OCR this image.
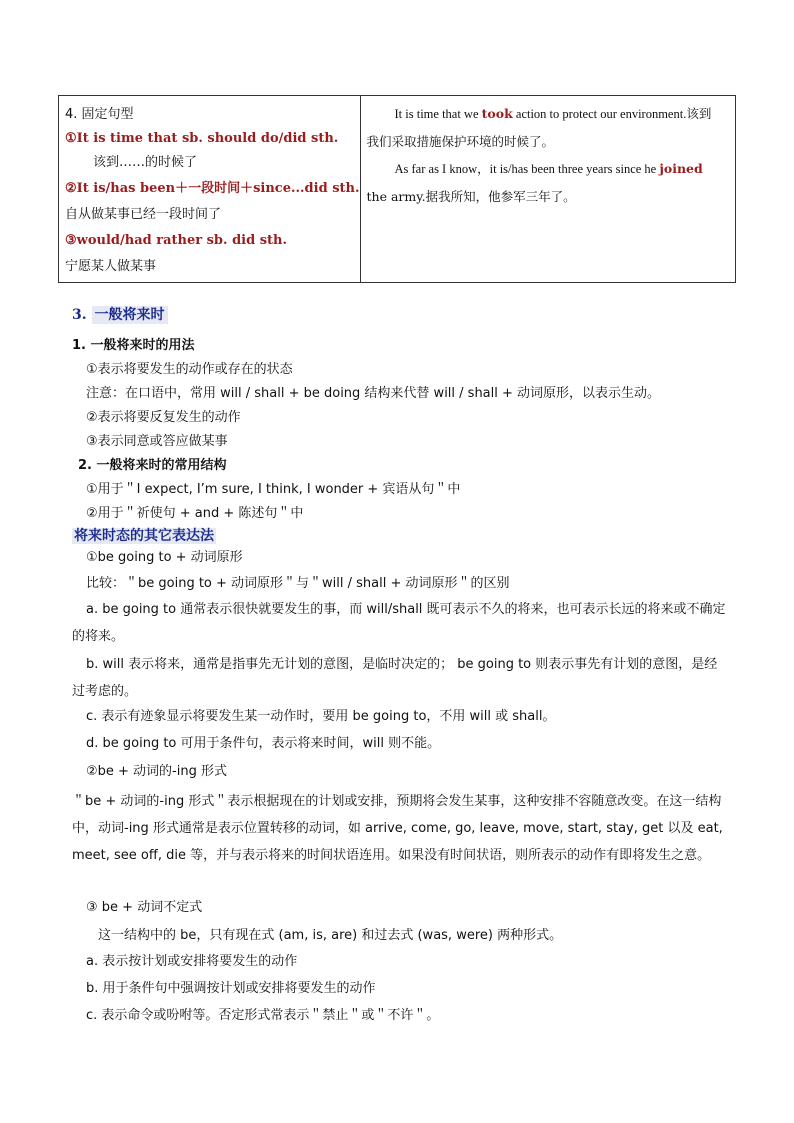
4. 固定句型
①It is time that sb. should do/did sth.
该到……的时候了
②It is/has been＋一段时间＋since...did sth.
自从做某事已经一段时间了
③would/had rather sb. did sth.
宁愿某人做某事

It is time that we took action to protect our environment.该到
我们采取措施保护环境的时候了。
As far as I know，it is/has been three years since he joined
the army.据我所知，他参军三年了。
3. 一般将来时
1. 一般将来时的用法
①表示将要发生的动作或存在的状态
注意：在口语中，常用 will / shall + be doing 结构来代替 will / shall + 动词原形，以表示生动。
②表示将要反复发生的动作
③表示同意或答应做某事
2. 一般将来时的常用结构
①用于＂I expect, I’m sure, I think, I wonder + 宾语从句＂中
②用于＂祈使句 + and + 陈述句＂中
将来时态的其它表达法
①be going to + 动词原形
比较：＂be going to + 动词原形＂与＂will / shall + 动词原形＂的区别
a. be going to 通常表示很快就要发生的事，而 will/shall 既可表示不久的将来，也可表示长远的将来或不确定的将来。
b. will 表示将来，通常是指事先无计划的意图，是临时决定的； be going to 则表示事先有计划的意图，是经过考虑的。
c. 表示有迹象显示将要发生某一动作时，要用 be going to，不用 will 或 shall。
d. be going to 可用于条件句，表示将来时间，will 则不能。
②be + 动词的-ing 形式
＂be + 动词的-ing 形式＂表示根据现在的计划或安排，预期将会发生某事，这种安排不容随意改变。在这一结构中，动词-ing 形式通常是表示位置转移的动词，如 arrive, come, go, leave, move, start, stay, get 以及 eat, meet, see off, die 等，并与表示将来的时间状语连用。如果没有时间状语，则所表示的动作有即将发生之意。
③ be + 动词不定式
这一结构中的 be，只有现在式 (am, is, are) 和过去式 (was, were) 两种形式。
a. 表示按计划或安排将要发生的动作
b. 用于条件句中强调按计划或安排将要发生的动作
c. 表示命令或吩咐等。否定形式常表示＂禁止＂或＂不许＂。
